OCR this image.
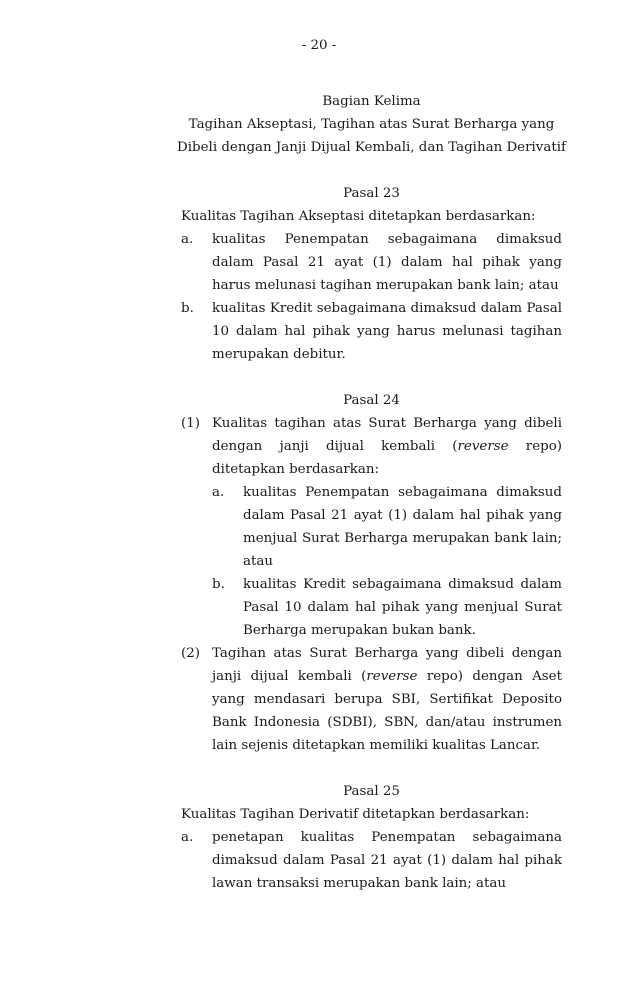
- 20 -
Bagian Kelima
Tagihan Akseptasi, Tagihan atas Surat Berharga yang
Dibeli dengan Janji Dijual Kembali, dan Tagihan Derivatif
Pasal 23
Kualitas Tagihan Akseptasi ditetapkan berdasarkan:
a.	kualitas Penempatan sebagaimana dimaksud dalam Pasal 21 ayat (1) dalam hal pihak yang harus melunasi tagihan merupakan bank lain; atau
b.	kualitas Kredit sebagaimana dimaksud dalam Pasal 10 dalam hal pihak yang harus melunasi tagihan merupakan debitur.
Pasal 24
(1) Kualitas tagihan atas Surat Berharga yang dibeli dengan janji dijual kembali (reverse repo) ditetapkan berdasarkan:
a.	kualitas Penempatan sebagaimana dimaksud dalam Pasal 21 ayat (1) dalam hal pihak yang menjual Surat Berharga merupakan bank lain; atau
b.	kualitas Kredit sebagaimana dimaksud dalam Pasal 10 dalam hal pihak yang menjual Surat Berharga merupakan bukan bank.
(2) Tagihan atas Surat Berharga yang dibeli dengan janji dijual kembali (reverse repo) dengan Aset yang mendasari berupa SBI, Sertifikat Deposito Bank Indonesia (SDBI), SBN, dan/atau instrumen lain sejenis ditetapkan memiliki kualitas Lancar.
Pasal 25
Kualitas Tagihan Derivatif ditetapkan berdasarkan:
a.	penetapan kualitas Penempatan sebagaimana dimaksud dalam Pasal 21 ayat (1) dalam hal pihak lawan transaksi merupakan bank lain; atau
